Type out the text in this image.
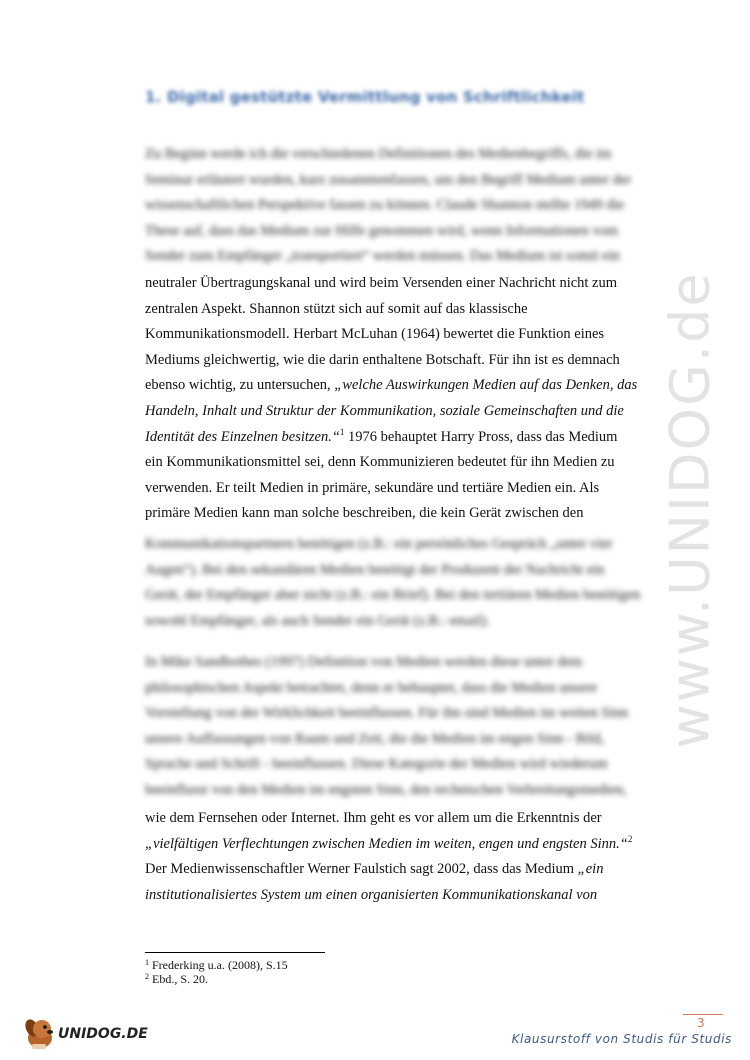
1. Digital gestützte Vermittlung von Schriftlichkeit
Zu Beginn werde ich die verschiedenen Definitionen des Medienbegriffs, die im
Seminar erläutert wurden, kurz zusammenfassen, um den Begriff Medium unter der
wissenschaftlichen Perspektive fassen zu können. Claude Shannon stellte 1949 die
These auf, dass das Medium zur Hilfe genommen wird, wenn Informationen vom
Sender zum Empfänger „transportiert“ werden müssen. Das Medium ist somit ein
neutraler Übertragungskanal und wird beim Versenden einer Nachricht nicht zum
zentralen Aspekt. Shannon stützt sich auf somit auf das klassische
Kommunikationsmodell. Herbart McLuhan (1964) bewertet die Funktion eines
Mediums gleichwertig, wie die darin enthaltene Botschaft. Für ihn ist es demnach
ebenso wichtig, zu untersuchen, „welche Auswirkungen Medien auf das Denken, das
Handeln, Inhalt und Struktur der Kommunikation, soziale Gemeinschaften und die
Identität des Einzelnen besitzen.“$^1$ 1976 behauptet Harry Pross, dass das Medium
ein Kommunikationsmittel sei, denn Kommunizieren bedeutet für ihn Medien zu
verwenden. Er teilt Medien in primäre, sekundäre und tertiäre Medien ein. Als
primäre Medien kann man solche beschreiben, die kein Gerät zwischen den
Kommunikationspartnern benötigen (z.B.: ein persönliches Gespräch „unter vier
Augen“). Bei den sekundären Medien benötigt der Produzent der Nachricht ein
Gerät, der Empfänger aber nicht (z.B.: ein Brief). Bei den tertiären Medien benötigen
sowohl Empfänger, als auch Sender ein Gerät (z.B.: email).
In Mike Sandbothes (1997) Definition von Medien werden diese unter dem
philosophischen Aspekt betrachtet, denn er behauptet, dass die Medien unsere
Vorstellung von der Wirklichkeit beeinflussen. Für ihn sind Medien im weiten Sinn
unsere Auffassungen von Raum und Zeit, die die Medien im engen Sinn - Bild,
Sprache und Schrift - beeinflussen. Diese Kategorie der Medien wird wiederum
beeinflusst von den Medien im engsten Sinn, den technischen Verbreitungsmedien,
wie dem Fernsehen oder Internet. Ihm geht es vor allem um die Erkenntnis der
„vielfältigen Verflechtungen zwischen Medien im weiten, engen und engsten Sinn.“$^2$
Der Medienwissenschaftler Werner Faulstich sagt 2002, dass das Medium „ein
institutionalisiertes System um einen organisierten Kommunikationskanal von
www.UNIDOG.de
$^1$ Frederking u.a. (2008), S.15
$^2$ Ebd., S. 20.
UNIDOG.DE
3
Klausurstoff von Studis für Studis
